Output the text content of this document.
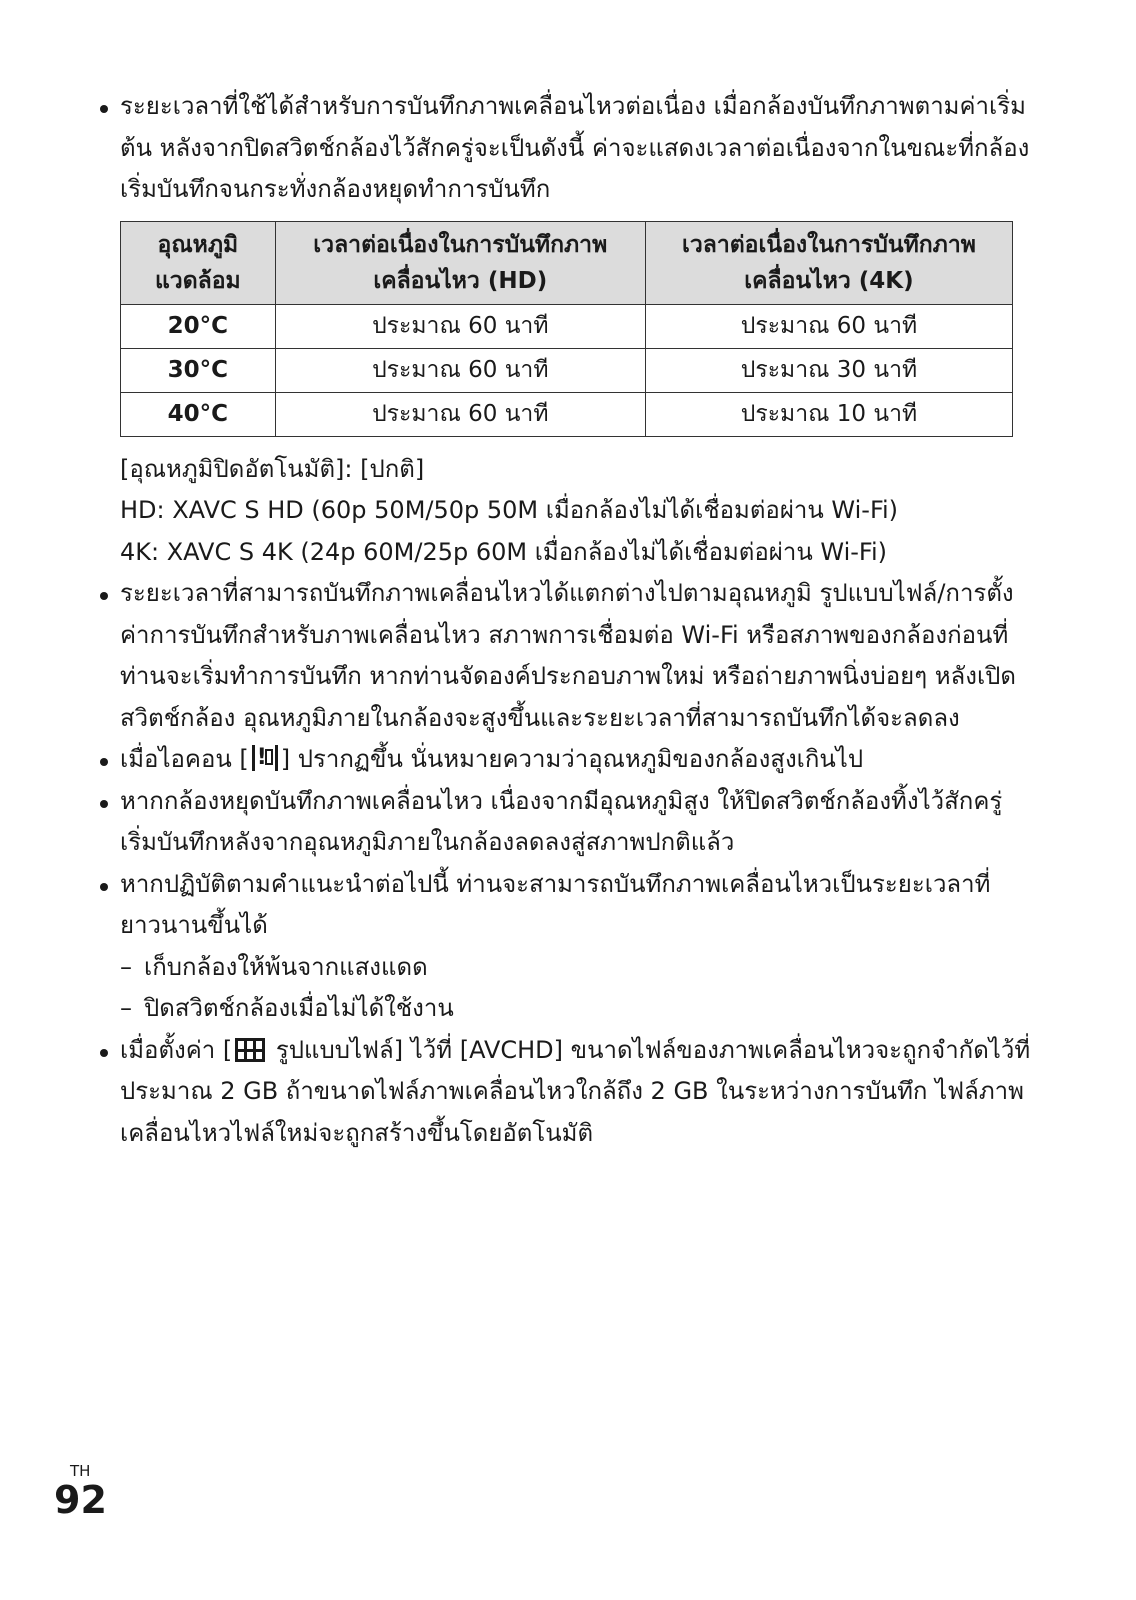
ระยะเวลาที่ใช้ได้สำหรับการบันทึกภาพเคลื่อนไหวต่อเนื่อง เมื่อกล้องบันทึกภาพตามค่าเริ่มต้น หลังจากปิดสวิตช์กล้องไว้สักครู่จะเป็นดังนี้ ค่าจะแสดงเวลาต่อเนื่องจากในขณะที่กล้องเริ่มบันทึกจนกระทั่งกล้องหยุดทำการบันทึก

อุณหภูมิแวดล้อม	เวลาต่อเนื่องในการบันทึกภาพเคลื่อนไหว (HD)	เวลาต่อเนื่องในการบันทึกภาพเคลื่อนไหว (4K)
20°C	ประมาณ 60 นาที	ประมาณ 60 นาที
30°C	ประมาณ 60 นาที	ประมาณ 30 นาที
40°C	ประมาณ 60 นาที	ประมาณ 10 นาที

[อุณหภูมิปิดอัตโนมัติ]: [ปกติ]

HD: XAVC S HD (60p 50M/50p 50M เมื่อกล้องไม่ได้เชื่อมต่อผ่าน Wi-Fi)

4K: XAVC S 4K (24p 60M/25p 60M เมื่อกล้องไม่ได้เชื่อมต่อผ่าน Wi-Fi)

ระยะเวลาที่สามารถบันทึกภาพเคลื่อนไหวได้แตกต่างไปตามอุณหภูมิ รูปแบบไฟล์/การตั้งค่าการบันทึกสำหรับภาพเคลื่อนไหว สภาพการเชื่อมต่อ Wi-Fi หรือสภาพของกล้องก่อนที่ท่านจะเริ่มทำการบันทึก หากท่านจัดองค์ประกอบภาพใหม่ หรือถ่ายภาพนิ่งบ่อยๆ หลังเปิดสวิตช์กล้อง อุณหภูมิภายในกล้องจะสูงขึ้นและระยะเวลาที่สามารถบันทึกได้จะลดลง

เมื่อไอคอน [ ! ] ปรากฏขึ้น นั่นหมายความว่าอุณหภูมิของกล้องสูงเกินไป

หากกล้องหยุดบันทึกภาพเคลื่อนไหว เนื่องจากมีอุณหภูมิสูง ให้ปิดสวิตช์กล้องทิ้งไว้สักครู่ เริ่มบันทึกหลังจากอุณหภูมิภายในกล้องลดลงสู่สภาพปกติแล้ว

หากปฏิบัติตามคำแนะนำต่อไปนี้ ท่านจะสามารถบันทึกภาพเคลื่อนไหวเป็นระยะเวลาที่ยาวนานขึ้นได้

– เก็บกล้องให้พ้นจากแสงแดด

– ปิดสวิตช์กล้องเมื่อไม่ได้ใช้งาน

เมื่อตั้งค่า [ รูปแบบไฟล์] ไว้ที่ [AVCHD] ขนาดไฟล์ของภาพเคลื่อนไหวจะถูกจำกัดไว้ที่ประมาณ 2 GB ถ้าขนาดไฟล์ภาพเคลื่อนไหวใกล้ถึง 2 GB ในระหว่างการบันทึก ไฟล์ภาพเคลื่อนไหวไฟล์ใหม่จะถูกสร้างขึ้นโดยอัตโนมัติ

TH
92
